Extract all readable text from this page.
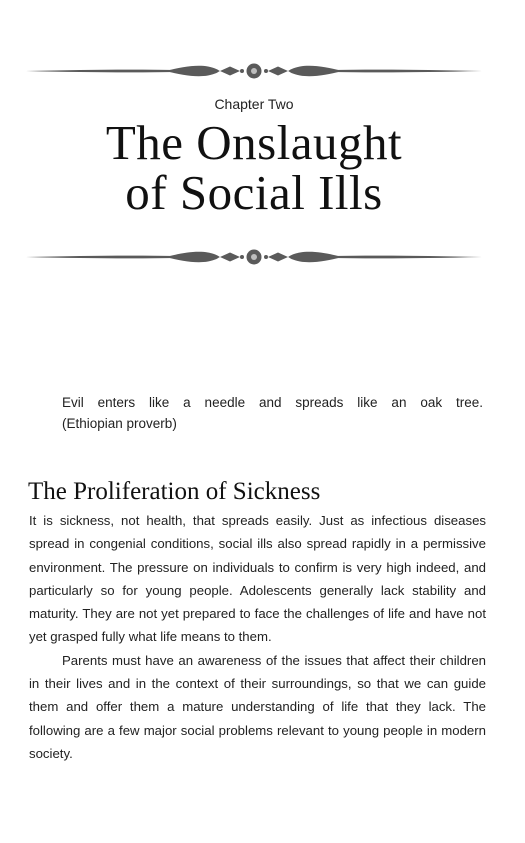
Chapter Two
The Onslaught
of Social Ills
Evil enters like a needle and spreads like an oak tree.
(Ethiopian proverb)
The Proliferation of Sickness

It is sickness, not health, that spreads easily. Just as infectious diseases spread in congenial conditions, social ills also spread rapidly in a permissive environment. The pressure on individuals to confirm is very high indeed, and particularly so for young people. Adolescents generally lack stability and maturity. They are not yet prepared to face the challenges of life and have not yet grasped fully what life means to them.

Parents must have an awareness of the issues that affect their children in their lives and in the context of their surroundings, so that we can guide them and offer them a mature understanding of life that they lack. The following are a few major social problems relevant to young people in modern society.
